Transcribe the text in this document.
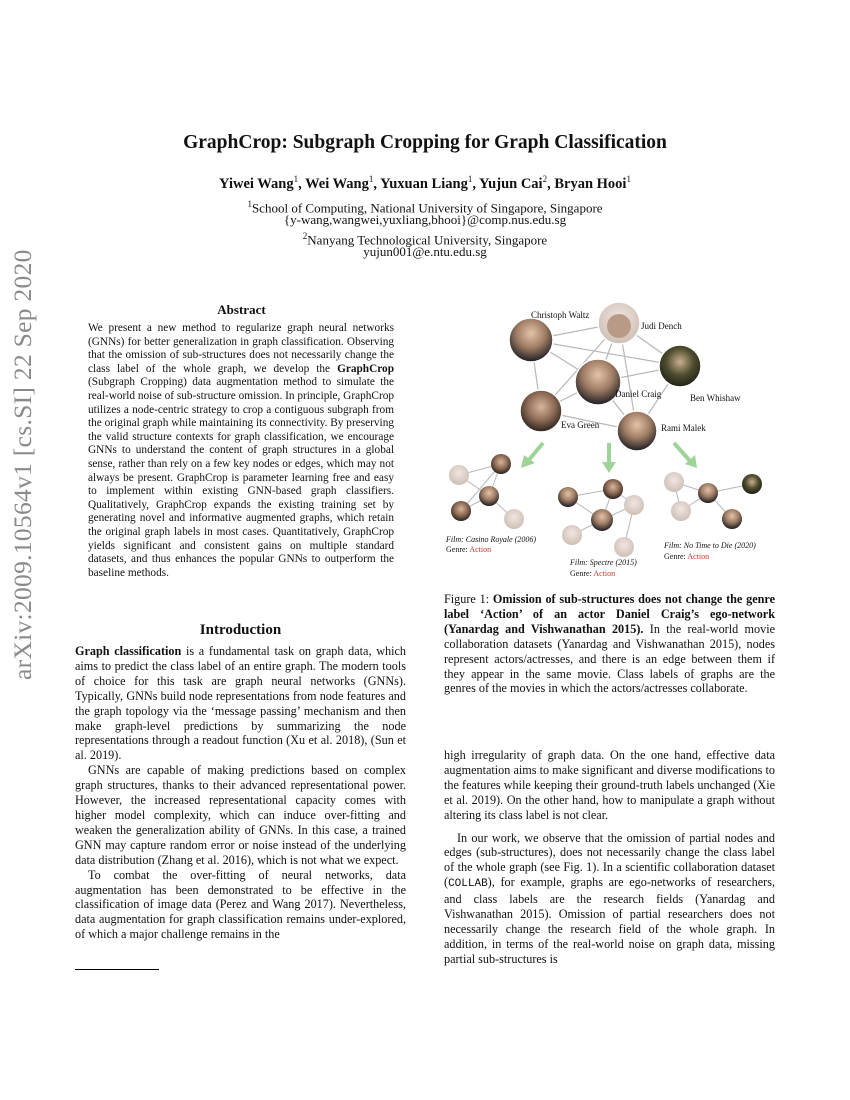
arXiv:2009.10564v1 [cs.SI] 22 Sep 2020
GraphCrop: Subgraph Cropping for Graph Classification
Yiwei Wang$^1$, Wei Wang$^1$, Yuxuan Liang$^1$, Yujun Cai$^2$, Bryan Hooi$^1$
$^1$School of Computing, National University of Singapore, Singapore
{y-wang,wangwei,yuxliang,bhooi}@comp.nus.edu.sg
$^2$Nanyang Technological University, Singapore
yujun001@e.ntu.edu.sg
Abstract
We present a new method to regularize graph neural networks (GNNs) for better generalization in graph classification. Observing that the omission of sub-structures does not necessarily change the class label of the whole graph, we develop the GraphCrop (Subgraph Cropping) data augmentation method to simulate the real-world noise of sub-structure omission. In principle, GraphCrop utilizes a node-centric strategy to crop a contiguous subgraph from the original graph while maintaining its connectivity. By preserving the valid structure contexts for graph classification, we encourage GNNs to understand the content of graph structures in a global sense, rather than rely on a few key nodes or edges, which may not always be present. GraphCrop is parameter learning free and easy to implement within existing GNN-based graph classifiers. Qualitatively, GraphCrop expands the existing training set by generating novel and informative augmented graphs, which retain the original graph labels in most cases. Quantitatively, GraphCrop yields significant and consistent gains on multiple standard datasets, and thus enhances the popular GNNs to outperform the baseline methods.
Introduction

Graph classification is a fundamental task on graph data, which aims to predict the class label of an entire graph. The modern tools of choice for this task are graph neural networks (GNNs). Typically, GNNs build node representations from node features and the graph topology via the ‘message passing’ mechanism and then make graph-level predictions by summarizing the node representations through a readout function (Xu et al. 2018), (Sun et al. 2019).

GNNs are capable of making predictions based on complex graph structures, thanks to their advanced representational power. However, the increased representational capacity comes with higher model complexity, which can induce over-fitting and weaken the generalization ability of GNNs. In this case, a trained GNN may capture random error or noise instead of the underlying data distribution (Zhang et al. 2016), which is not what we expect.

To combat the over-fitting of neural networks, data augmentation has been demonstrated to be effective in the classification of image data (Perez and Wang 2017). Nevertheless, data augmentation for graph classification remains under-explored, of which a major challenge remains in the

Christoph Waltz
Judi Dench
Daniel Craig	Ben Whishaw
Eva Green	Rami Malek
Film: Casino Royale (2006)
Genre: Action
Film: Spectre (2015)
Genre: Action
Film: No Time to Die (2020)
Genre: Action
Figure 1: Omission of sub-structures does not change the genre label ‘Action’ of an actor Daniel Craig’s ego-network (Yanardag and Vishwanathan 2015). In the real-world movie collaboration datasets (Yanardag and Vishwanathan 2015), nodes represent actors/actresses, and there is an edge between them if they appear in the same movie. Class labels of graphs are the genres of the movies in which the actors/actresses collaborate.

high irregularity of graph data. On the one hand, effective data augmentation aims to make significant and diverse modifications to the features while keeping their ground-truth labels unchanged (Xie et al. 2019). On the other hand, how to manipulate a graph without altering its class label is not clear.

In our work, we observe that the omission of partial nodes and edges (sub-structures), does not necessarily change the class label of the whole graph (see Fig. 1). In a scientific collaboration dataset (COLLAB), for example, graphs are ego-networks of researchers, and class labels are the research fields (Yanardag and Vishwanathan 2015). Omission of partial researchers does not necessarily change the research field of the whole graph. In addition, in terms of the real-world noise on graph data, missing partial sub-structures is
